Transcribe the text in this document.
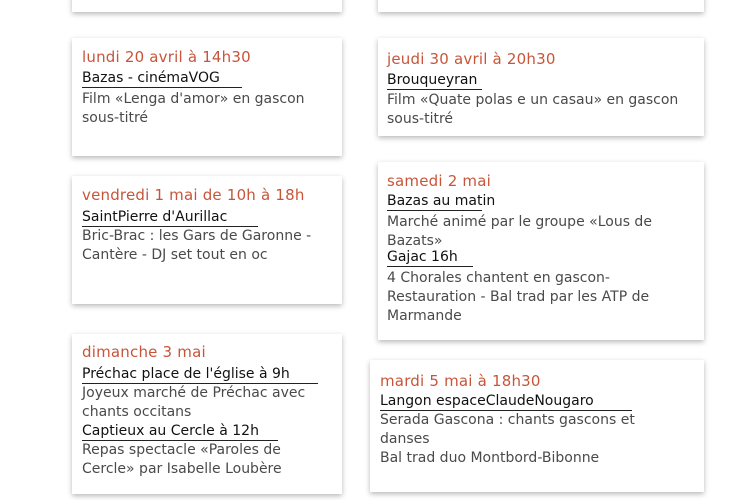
lundi 20 avril à 14h30
Bazas - cinémaVOG
Film «Lenga d'amor» en gascon sous-titré
jeudi 30 avril à 20h30
Brouqueyran
Film «Quate polas e un casau» en gascon sous-titré
vendredi 1 mai de 10h à 18h
SaintPierre d'Aurillac
Bric-Brac : les Gars de Garonne - Cantère - DJ set tout en oc
samedi 2 mai
Bazas au matin
Marché animé par le groupe «Lous de Bazats»
Gajac 16h
4 Chorales chantent en gascon- Restauration - Bal trad par les ATP de Marmande
dimanche 3 mai
Préchac place de l'église à 9h
Joyeux marché de Préchac avec chants occitans
Captieux au Cercle à 12h
Repas spectacle «Paroles de Cercle» par Isabelle Loubère
mardi 5 mai à 18h30
Langon espaceClaudeNougaro
Serada Gascona : chants gascons et danses
Bal trad duo Montbord-Bibonne
